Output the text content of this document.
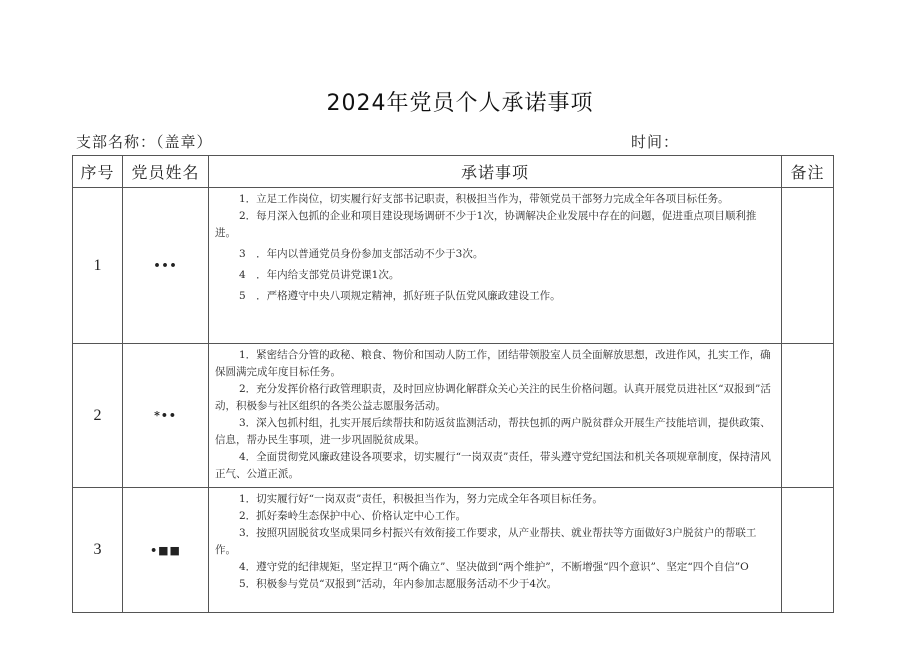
2024年党员个人承诺事项
支部名称：（盖章）	时间：
序号	党员姓名	承诺事项	备注
1	•••	1．立足工作岗位，切实履行好支部书记职责，积极担当作为，带领党员干部努力完成全年各项目标任务。

2．每月深入包抓的企业和项目建设现场调研不少于1次，协调解决企业发展中存在的问题，促进重点项目顺利推进。

3　．年内以普通党员身份参加支部活动不少于3次。

4　．年内给支部党员讲党课1次。

5　．严格遵守中央八项规定精神，抓好班子队伍党风廉政建设工作。	

2	*••	1．紧密结合分管的政秘、粮食、物价和国动人防工作，团结带领股室人员全面解放思想，改进作风，扎实工作，确保圆满完成年度目标任务。

2．充分发挥价格行政管理职责，及时回应协调化解群众关心关注的民生价格问题。认真开展党员进社区“双报到”活动，积极参与社区组织的各类公益志愿服务活动。

3．深入包抓村组，扎实开展后续帮扶和防返贫监测活动，帮扶包抓的两户脱贫群众开展生产技能培训，提供政策、信息，帮办民生事项，进一步巩固脱贫成果。

4．全面贯彻党风廉政建设各项要求，切实履行“一岗双责”责任，带头遵守党纪国法和机关各项规章制度，保持清风正气、公道正派。	

3	•■■	1．切实履行好“一岗双责”责任，积极担当作为，努力完成全年各项目标任务。

2．抓好秦岭生态保护中心、价格认定中心工作。

3．按照巩固脱贫攻坚成果同乡村振兴有效衔接工作要求，从产业帮扶、就业帮扶等方面做好3户脱贫户的帮联工作。

4．遵守党的纪律规矩，坚定捍卫“两个确立”、坚决做到“两个维护”，不断增强“四个意识”、坚定“四个自信”O

5．积极参与党员“双报到”活动，年内参加志愿服务活动不少于4次。	
